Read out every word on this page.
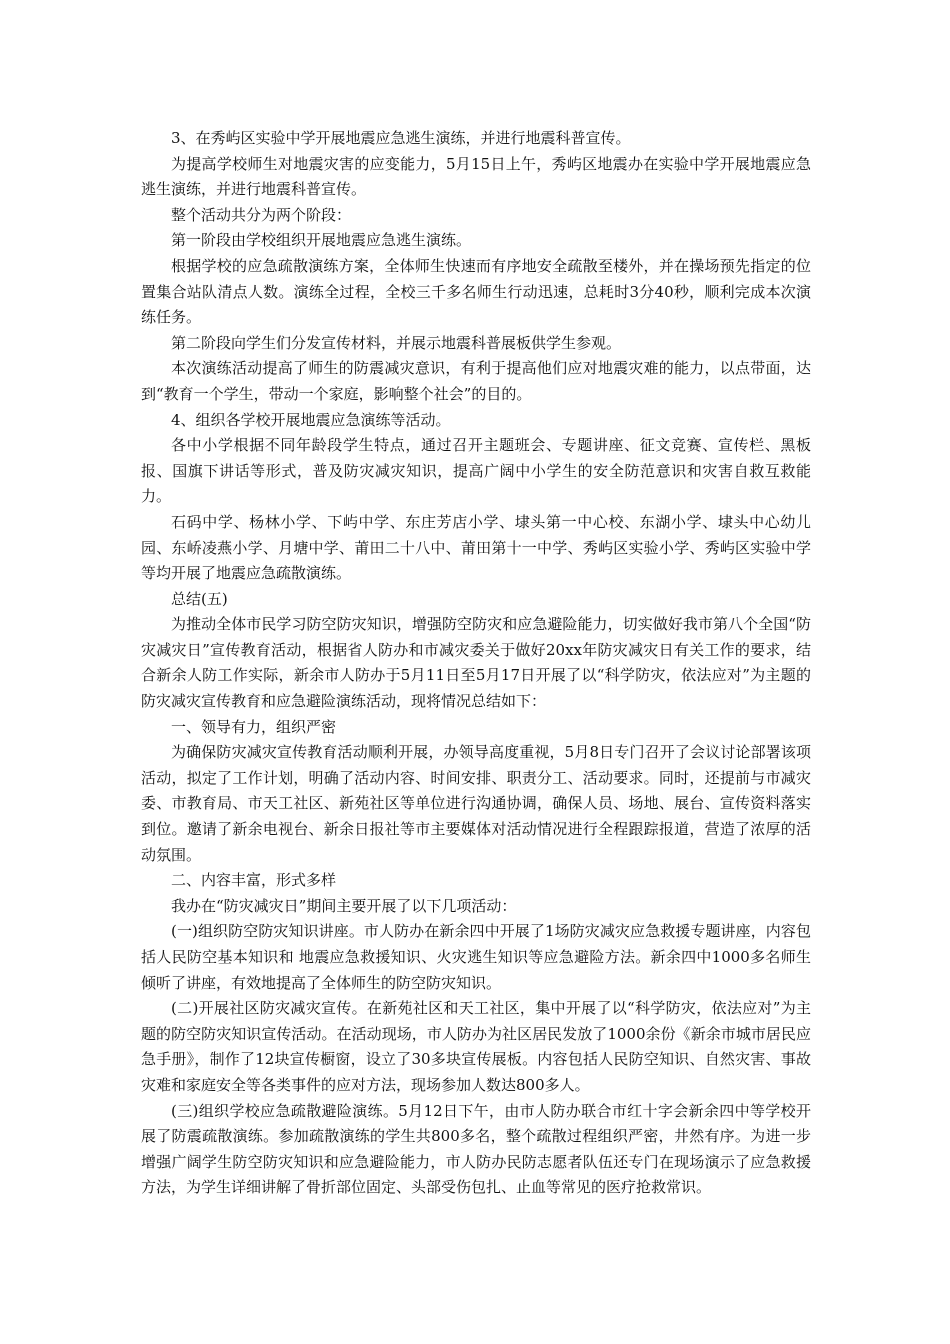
3、在秀屿区实验中学开展地震应急逃生演练，并进行地震科普宣传。

为提高学校师生对地震灾害的应变能力，5月15日上午，秀屿区地震办在实验中学开展地震应急逃生演练，并进行地震科普宣传。

整个活动共分为两个阶段：

第一阶段由学校组织开展地震应急逃生演练。

根据学校的应急疏散演练方案，全体师生快速而有序地安全疏散至楼外，并在操场预先指定的位置集合站队清点人数。演练全过程，全校三千多名师生行动迅速，总耗时3分40秒，顺利完成本次演练任务。

第二阶段向学生们分发宣传材料，并展示地震科普展板供学生参观。

本次演练活动提高了师生的防震减灾意识，有利于提高他们应对地震灾难的能力，以点带面，达到“教育一个学生，带动一个家庭，影响整个社会”的目的。

4、组织各学校开展地震应急演练等活动。

各中小学根据不同年龄段学生特点，通过召开主题班会、专题讲座、征文竞赛、宣传栏、黑板报、国旗下讲话等形式，普及防灾减灾知识，提高广阔中小学生的安全防范意识和灾害自救互救能力。

石码中学、杨林小学、下屿中学、东庄芳店小学、埭头第一中心校、东湖小学、埭头中心幼儿园、东峤凌燕小学、月塘中学、莆田二十八中、莆田第十一中学、秀屿区实验小学、秀屿区实验中学等均开展了地震应急疏散演练。

总结(五)

为推动全体市民学习防空防灾知识，增强防空防灾和应急避险能力，切实做好我市第八个全国“防灾减灾日”宣传教育活动，根据省人防办和市减灾委关于做好20xx年防灾减灾日有关工作的要求，结合新余人防工作实际，新余市人防办于5月11日至5月17日开展了以“科学防灾，依法应对”为主题的防灾减灾宣传教育和应急避险演练活动，现将情况总结如下：

一、领导有力，组织严密

为确保防灾减灾宣传教育活动顺利开展，办领导高度重视，5月8日专门召开了会议讨论部署该项活动，拟定了工作计划，明确了活动内容、时间安排、职责分工、活动要求。同时，还提前与市减灾委、市教育局、市天工社区、新苑社区等单位进行沟通协调，确保人员、场地、展台、宣传资料落实到位。邀请了新余电视台、新余日报社等市主要媒体对活动情况进行全程跟踪报道，营造了浓厚的活动氛围。

二、内容丰富，形式多样

我办在“防灾减灾日”期间主要开展了以下几项活动：

(一)组织防空防灾知识讲座。市人防办在新余四中开展了1场防灾减灾应急救援专题讲座，内容包括人民防空基本知识和 地震应急救援知识、火灾逃生知识等应急避险方法。新余四中1000多名师生倾听了讲座，有效地提高了全体师生的防空防灾知识。

(二)开展社区防灾减灾宣传。在新苑社区和天工社区，集中开展了以“科学防灾，依法应对”为主题的防空防灾知识宣传活动。在活动现场，市人防办为社区居民发放了1000余份《新余市城市居民应急手册》，制作了12块宣传橱窗，设立了30多块宣传展板。内容包括人民防空知识、自然灾害、事故灾难和家庭安全等各类事件的应对方法，现场参加人数达800多人。

(三)组织学校应急疏散避险演练。5月12日下午，由市人防办联合市红十字会新余四中等学校开展了防震疏散演练。参加疏散演练的学生共800多名，整个疏散过程组织严密，井然有序。为进一步增强广阔学生防空防灾知识和应急避险能力，市人防办民防志愿者队伍还专门在现场演示了应急救援方法，为学生详细讲解了骨折部位固定、头部受伤包扎、止血等常见的医疗抢救常识。
